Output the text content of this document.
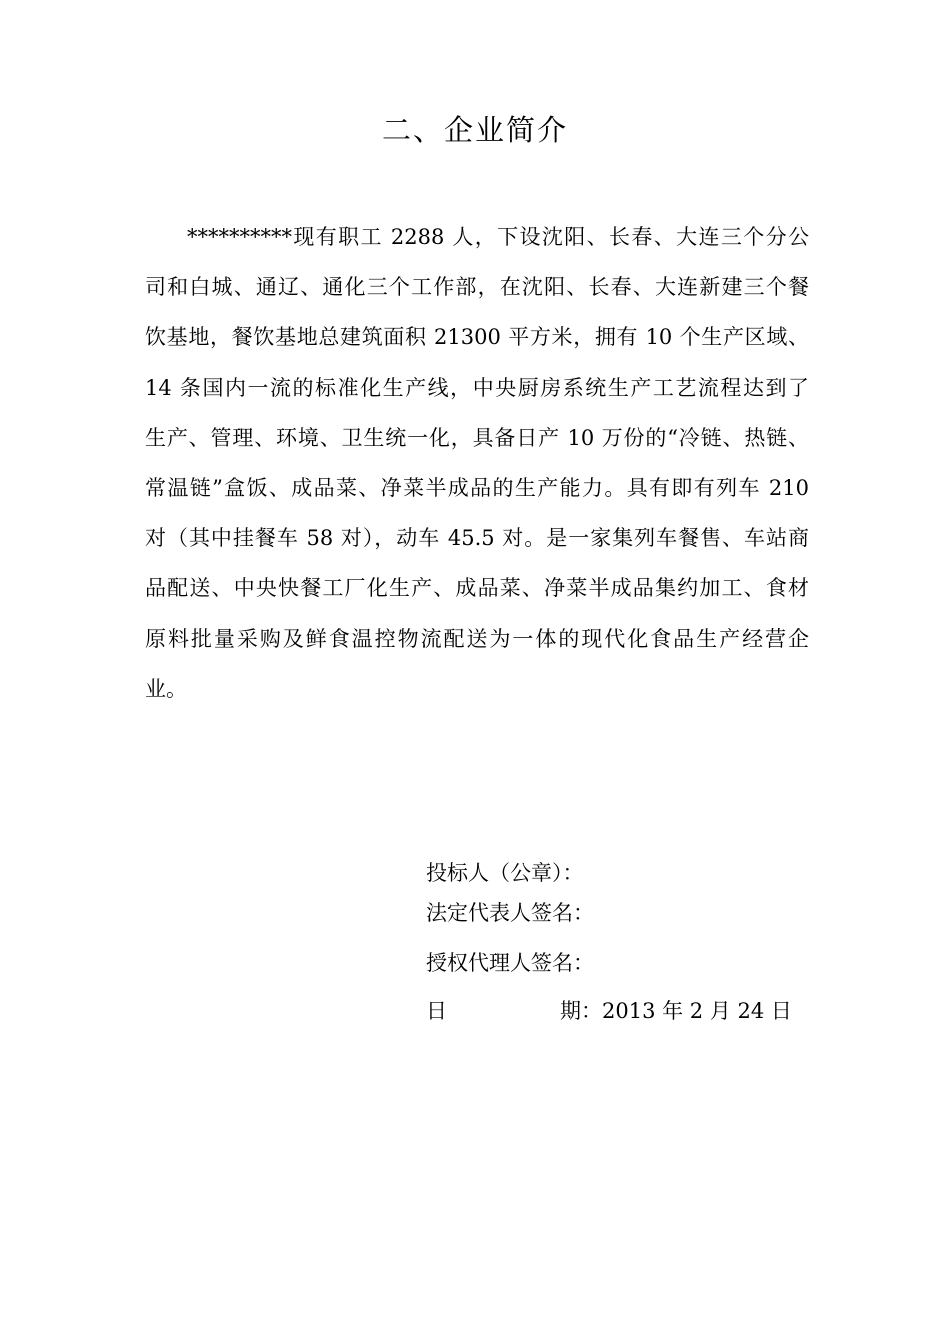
二、企业简介
**********现有职工 2288 人，下设沈阳、长春、大连三个分公
司和白城、通辽、通化三个工作部，在沈阳、长春、大连新建三个餐
饮基地，餐饮基地总建筑面积 21300 平方米，拥有 10 个生产区域、
14 条国内一流的标准化生产线，中央厨房系统生产工艺流程达到了
生产、管理、环境、卫生统一化，具备日产 10 万份的“冷链、热链、
常温链”盒饭、成品菜、净菜半成品的生产能力。具有即有列车 210
对（其中挂餐车 58 对），动车 45.5 对。是一家集列车餐售、车站商
品配送、中央快餐工厂化生产、成品菜、净菜半成品集约加工、食材
原料批量采购及鲜食温控物流配送为一体的现代化食品生产经营企
业。

投标人（公章）：

法定代表人签名：

授权代理人签名：

日	期：2013 年 2 月 24 日
